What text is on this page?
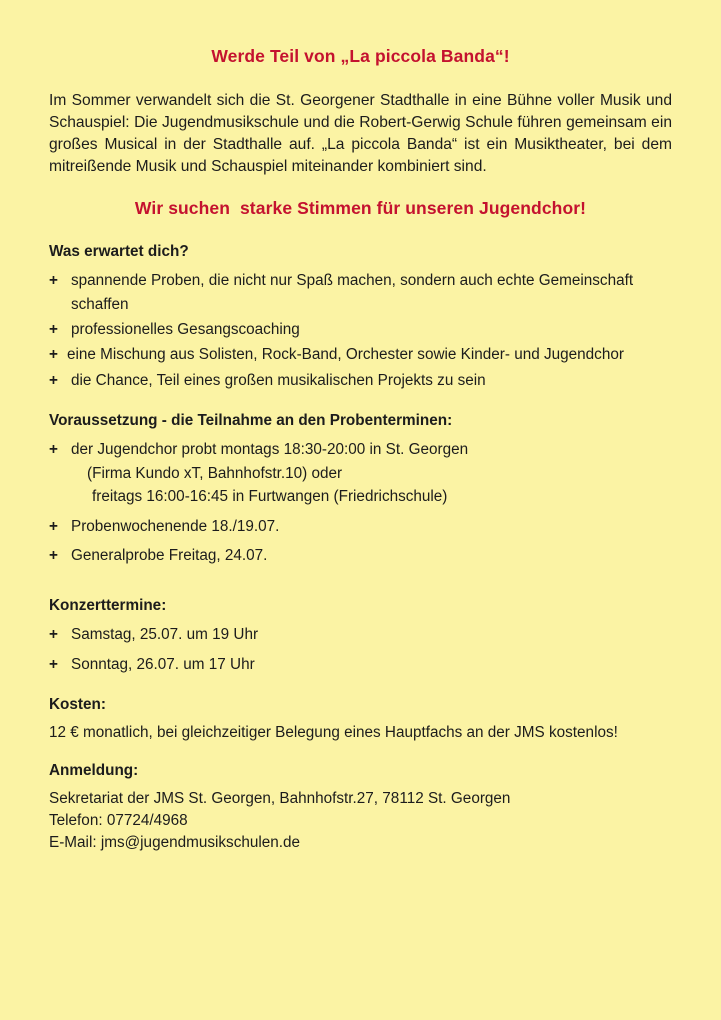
Werde Teil von „La piccola Banda“!

Im Sommer verwandelt sich die St. Georgener Stadthalle in eine Bühne voller Musik und Schauspiel: Die Jugendmusikschule und die Robert-Gerwig Schule führen gemeinsam ein großes Musical in der Stadthalle auf. „La piccola Banda“ ist ein Musiktheater, bei dem mitreißende Musik und Schauspiel miteinander kombiniert sind.

Wir suchen  starke Stimmen für unseren Jugendchor!
Was erwartet dich?
+ spannende Proben, die nicht nur Spaß machen, sondern auch echte Gemeinschaft schaffen
+ professionelles Gesangscoaching
+ eine Mischung aus Solisten, Rock-Band, Orchester sowie Kinder- und Jugendchor
+ die Chance, Teil eines großen musikalischen Projekts zu sein
Voraussetzung - die Teilnahme an den Probenterminen:
+ der Jugendchor probt montags 18:30-20:00 in St. Georgen

(Firma Kundo xT, Bahnhofstr.10) oder

freitags 16:00-16:45 in Furtwangen (Friedrichschule)

+ Probenwochenende 18./19.07.
+ Generalprobe Freitag, 24.07.
Konzerttermine:
+ Samstag, 25.07. um 19 Uhr
+ Sonntag, 26.07. um 17 Uhr
Kosten:

12 € monatlich, bei gleichzeitiger Belegung eines Hauptfachs an der JMS kostenlos!

Anmeldung:

Sekretariat der JMS St. Georgen, Bahnhofstr.27, 78112 St. Georgen

Telefon: 07724/4968

E-Mail: jms@jugendmusikschulen.de
